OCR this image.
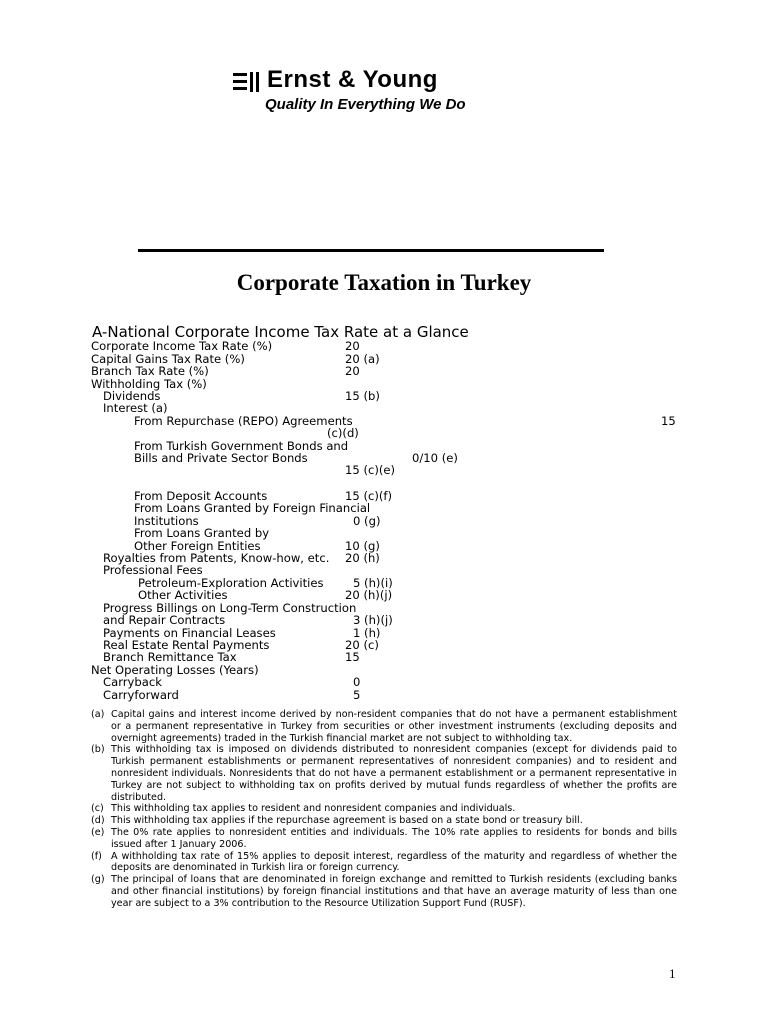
Ernst & Young
Quality In Everything We Do
Corporate Taxation in Turkey
A-National Corporate Income Tax Rate at a Glance
Corporate Income Tax Rate (%)	20
Capital Gains Tax Rate (%)	20 (a)
Branch Tax Rate (%)	20
Withholding Tax (%)
Dividends	15 (b)
Interest (a)
From Repurchase (REPO) Agreements	15
(c)(d)
From Turkish Government Bonds and
Bills and Private Sector Bonds	0/10 (e)
15 (c)(e)
From Deposit Accounts	15 (c)(f)
From Loans Granted by Foreign Financial
Institutions	0 (g)
From Loans Granted by
Other Foreign Entities	10 (g)
Royalties from Patents, Know-how, etc. 20 (h)
Professional Fees
Petroleum-Exploration Activities	5 (h)(i)
Other Activities	20 (h)(j)
Progress Billings on Long-Term Construction
and Repair Contracts	3 (h)(j)
Payments on Financial Leases	1 (h)
Real Estate Rental Payments	20 (c)
Branch Remittance Tax	15
Net Operating Losses (Years)
Carryback	0
Carryforward	5
(a) Capital gains and interest income derived by non-resident companies that do not have a permanent establishment or a permanent representative in Turkey from securities or other investment instruments (excluding deposits and overnight agreements) traded in the Turkish financial market are not subject to withholding tax.
(b) This withholding tax is imposed on dividends distributed to nonresident companies (except for dividends paid to Turkish permanent establishments or permanent representatives of nonresident companies) and to resident and nonresident individuals. Nonresidents that do not have a permanent establishment or a permanent representative in Turkey are not subject to withholding tax on profits derived by mutual funds regardless of whether the profits are distributed.
(c) This withholding tax applies to resident and nonresident companies and individuals.
(d) This withholding tax applies if the repurchase agreement is based on a state bond or treasury bill.
(e) The 0% rate applies to nonresident entities and individuals. The 10% rate applies to residents for bonds and bills issued after 1 January 2006.
(f) A withholding tax rate of 15% applies to deposit interest, regardless of the maturity and regardless of whether the deposits are denominated in Turkish lira or foreign currency.
(g) The principal of loans that are denominated in foreign exchange and remitted to Turkish residents (excluding banks and other financial institutions) by foreign financial institutions and that have an average maturity of less than one year are subject to a 3% contribution to the Resource Utilization Support Fund (RUSF).
1
